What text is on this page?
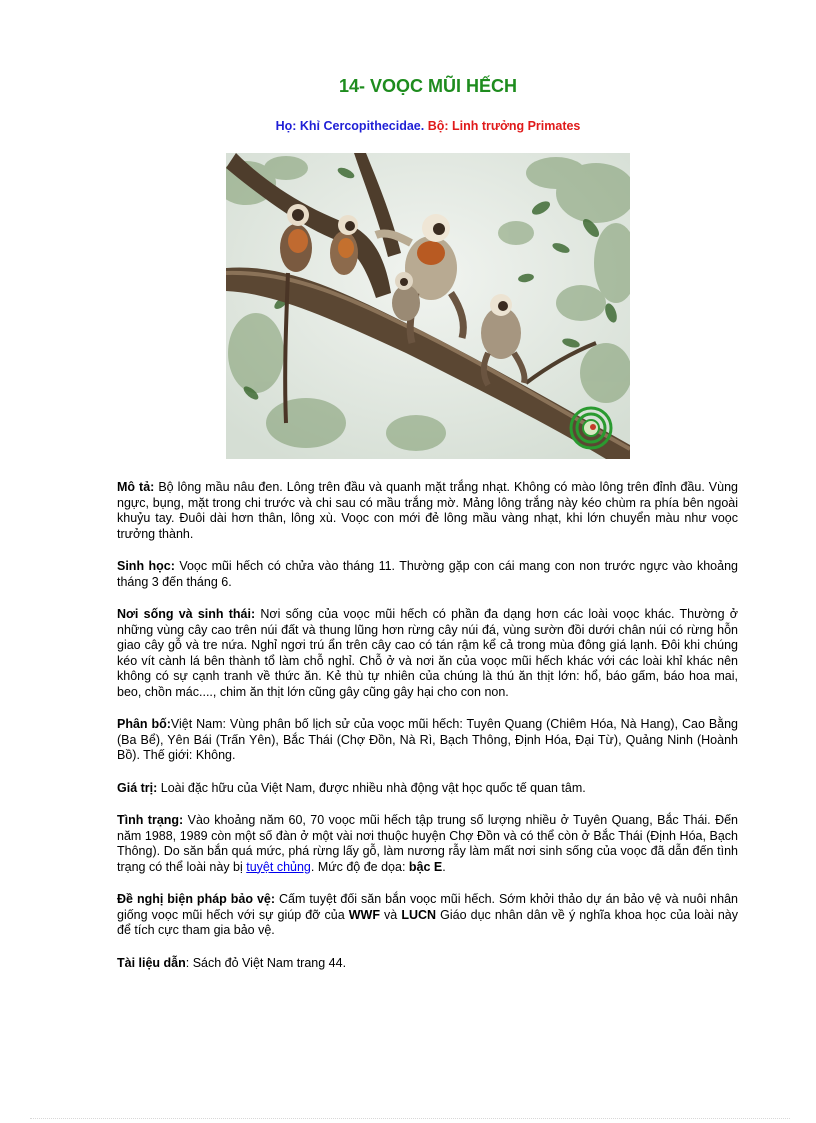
14- VOỌC MŨI HẾCH
Họ: Khỉ Cercopithecidae. Bộ: Linh trưởng Primates

Mô tả: Bộ lông mầu nâu đen. Lông trên đầu và quanh mặt trắng nhạt. Không có mào lông trên đỉnh đầu. Vùng ngực, bụng, mặt trong chi trước và chi sau có mầu trắng mờ. Mảng lông trắng này kéo chùm ra phía bên ngoài khuỷu tay. Đuôi dài hơn thân, lông xù. Voọc con mới đẻ lông mầu vàng nhạt, khi lớn chuyển màu như voọc trưởng thành.

Sinh học: Voọc mũi hếch có chửa vào tháng 11. Thường gặp con cái mang con non trước ngực vào khoảng tháng 3 đến tháng 6.

Nơi sống và sinh thái: Nơi sống của voọc mũi hếch có phần đa dạng hơn các loài voọc khác. Thường ở những vùng cây cao trên núi đất và thung lũng hơn rừng cây núi đá, vùng sườn đồi dưới chân núi có rừng hỗn giao cây gỗ và tre nứa. Nghỉ ngơi trú ẩn trên cây cao có tán rậm kể cả trong mùa đông giá lạnh. Đôi khi chúng kéo vít cành lá bên thành tổ làm chỗ nghỉ. Chỗ ở và nơi ăn của voọc mũi hếch khác với các loài khỉ khác nên không có sự cạnh tranh về thức ăn. Kẻ thù tự nhiên của chúng là thú ăn thịt lớn: hổ, báo gấm, báo hoa mai, beo, chồn mác...., chim ăn thịt lớn cũng gây cũng gây hại cho con non.

Phân bố:Việt Nam: Vùng phân bố lịch sử của voọc mũi hếch: Tuyên Quang (Chiêm Hóa, Nà Hang), Cao Bằng (Ba Bể), Yên Bái (Trấn Yên), Bắc Thái (Chợ Đồn, Nà Rì, Bạch Thông, Định Hóa, Đại Từ), Quảng Ninh (Hoành Bồ). Thế giới: Không.

Giá trị: Loài đặc hữu của Việt Nam, được nhiều nhà động vật học quốc tế quan tâm.

Tình trạng: Vào khoảng năm 60, 70 voọc mũi hếch tập trung số lượng nhiều ở Tuyên Quang, Bắc Thái. Đến năm 1988, 1989 còn một số đàn ở một vài nơi thuộc huyện Chợ Đồn và có thể còn ở Bắc Thái (Định Hóa, Bạch Thông). Do săn bắn quá mức, phá rừng lấy gỗ, làm nương rẫy làm mất nơi sinh sống của voọc đã dẫn đến tình trạng có thể loài này bị tuyệt chủng. Mức độ đe dọa: bậc E.

Đề nghị biện pháp bảo vệ: Cấm tuyệt đối săn bắn voọc mũi hếch. Sớm khởi thảo dự án bảo vệ và nuôi nhân giống voọc mũi hếch với sự giúp đỡ của WWF và LUCN Giáo dục nhân dân về ý nghĩa khoa học của loài này để tích cực tham gia bảo vệ.

Tài liệu dẫn: Sách đỏ Việt Nam trang 44.
